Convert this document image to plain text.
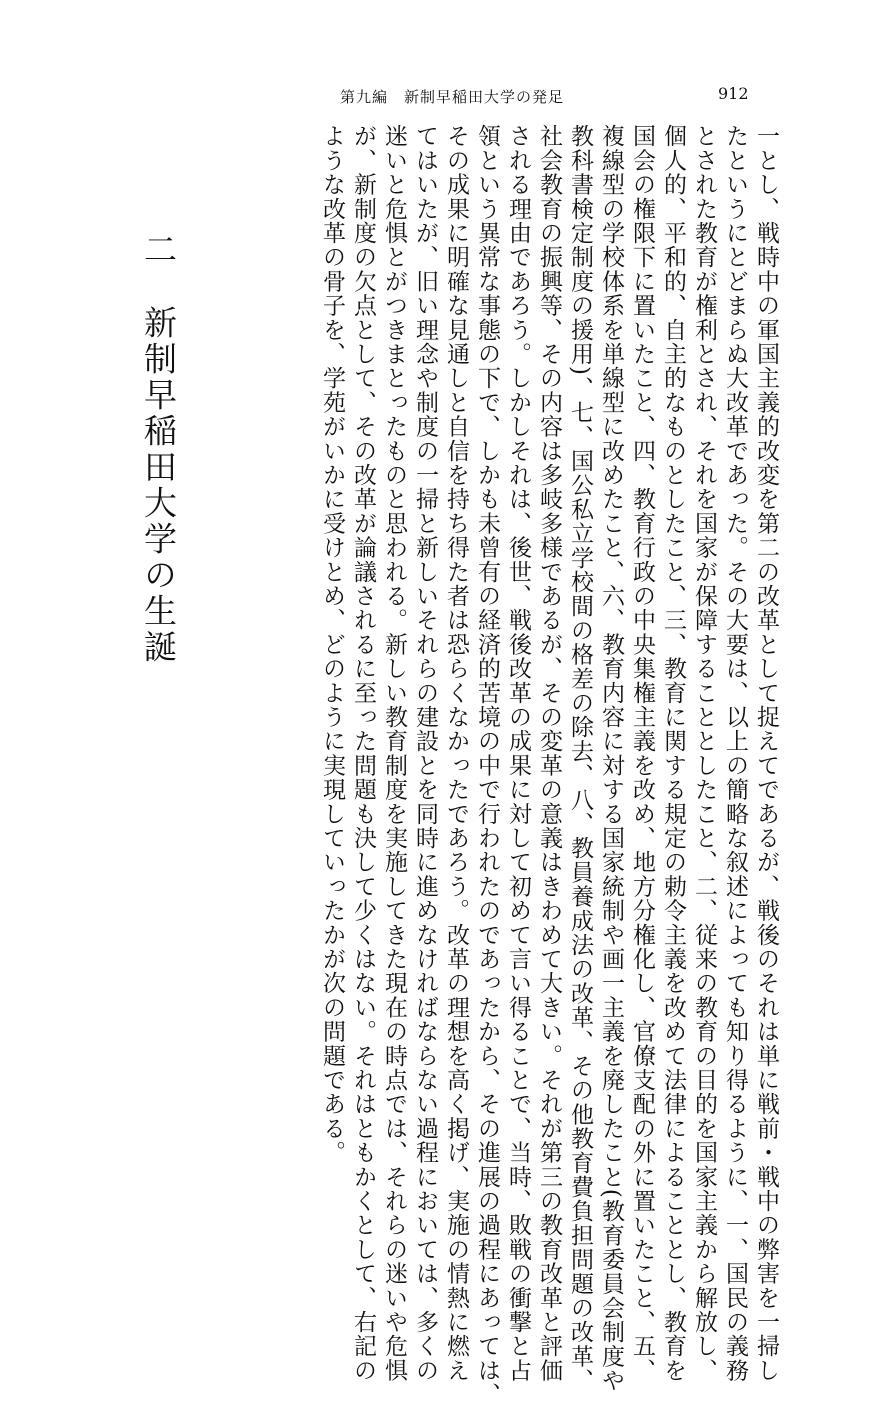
第九編　新制早稲田大学の発足	912
一とし、戦時中の軍国主義的改変を第二の改革として捉えてであるが、戦後のそれは単に戦前・戦中の弊害を一掃し
たというにとどまらぬ大改革であった。その大要は、以上の簡略な叙述によっても知り得るように、一、国民の義務
とされた教育が権利とされ、それを国家が保障することとしたこと、二、従来の教育の目的を国家主義から解放し、
個人的、平和的、自主的なものとしたこと、三、教育に関する規定の勅令主義を改めて法律によることとし、教育を
国会の権限下に置いたこと、四、教育行政の中央集権主義を改め、地方分権化し、官僚支配の外に置いたこと、五、
複線型の学校体系を単線型に改めたこと、六、教育内容に対する国家統制や画一主義を廃したこと(教育委員会制度や
教科書検定制度の援用)、七、国公私立学校間の格差の除去、八、教員養成法の改革、その他教育費負担問題の改革、
社会教育の振興等、その内容は多岐多様であるが、その変革の意義はきわめて大きい。それが第三の教育改革と評価
される理由であろう。しかしそれは、後世、戦後改革の成果に対して初めて言い得ることで、当時、敗戦の衝撃と占
領という異常な事態の下で、しかも未曾有の経済的苦境の中で行われたのであったから、その進展の過程にあっては、
その成果に明確な見通しと自信を持ち得た者は恐らくなかったであろう。改革の理想を高く掲げ、実施の情熱に燃え
てはいたが、旧い理念や制度の一掃と新しいそれらの建設とを同時に進めなければならない過程においては、多くの
迷いと危惧とがつきまとったものと思われる。新しい教育制度を実施してきた現在の時点では、それらの迷いや危惧
が、新制度の欠点として、その改革が論議されるに至った問題も決して少くはない。それはともかくとして、右記の
ような改革の骨子を、学苑がいかに受けとめ、どのように実現していったかが次の問題である。
二 新制早稲田大学の生誕
